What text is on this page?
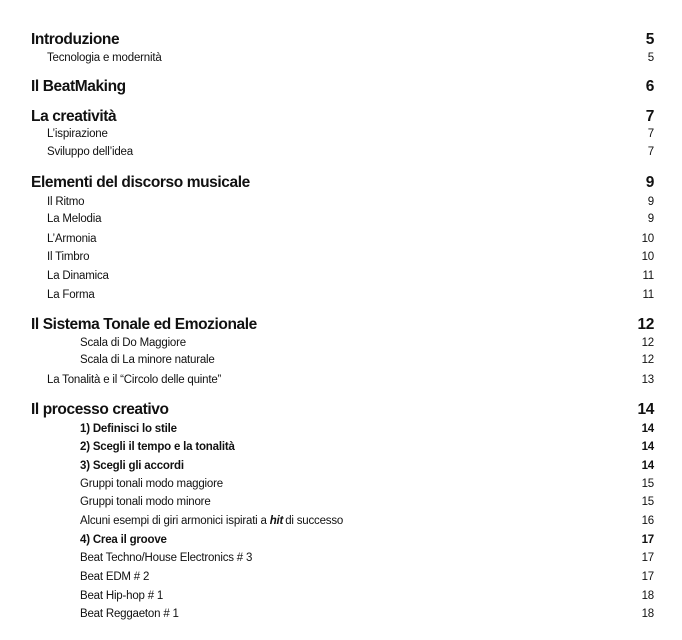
Introduzione	5
Tecnologia e modernità	5
Il BeatMaking	6
La creatività	7
L’ispirazione	7
Sviluppo dell’idea	7
Elementi del discorso musicale	9
Il Ritmo	9
La Melodia	9
L’Armonia	10
Il Timbro	10
La Dinamica	11
La Forma	11
Il Sistema Tonale ed Emozionale	12
Scala di Do Maggiore	12
Scala di La minore naturale	12
La Tonalità e il “Circolo delle quinte”	13
Il processo creativo	14
1) Definisci lo stile	14
2) Scegli il tempo e la tonalità	14
3) Scegli gli accordi	14
Gruppi tonali modo maggiore	15
Gruppi tonali modo minore	15
Alcuni esempi di giri armonici ispirati a hit di successo	16
4) Crea il groove	17
Beat Techno/House Electronics # 3	17
Beat EDM # 2	17
Beat Hip-hop # 1	18
Beat Reggaeton # 1	18
